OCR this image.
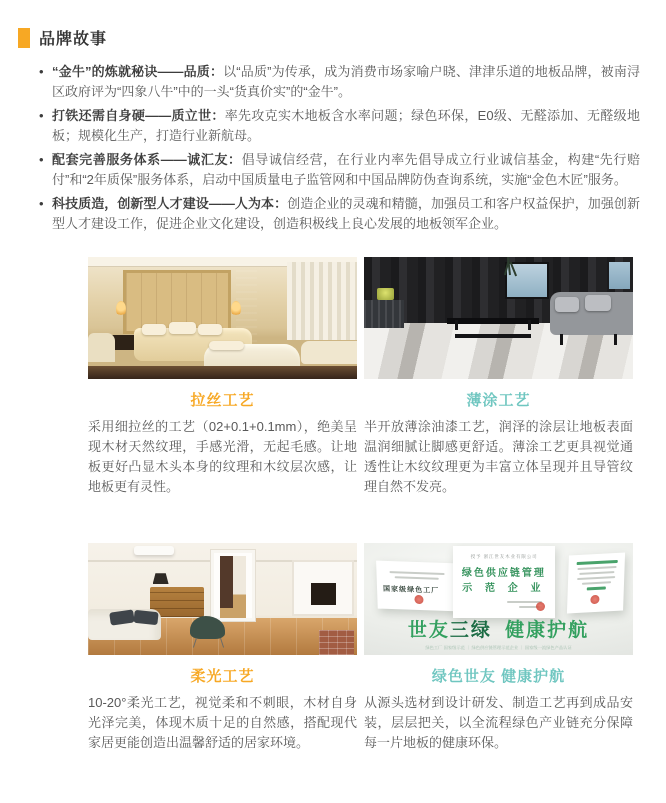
品牌故事
• “金牛”的炼就秘诀——品质：以“品质”为传承，成为消费市场家喻户晓、津津乐道的地板品牌，被南浔区政府评为“四象八牛”中的一头“货真价实”的“金牛”。
• 打铁还需自身硬——质立世：率先攻克实木地板含水率问题；绿色环保，E0级、无醛添加、无醛级地板；规模化生产，打造行业新航母。
• 配套完善服务体系——诚汇友：倡导诚信经营，在行业内率先倡导成立行业诚信基金，构建“先行赔付”和“2年质保”服务体系，启动中国质量电子监管网和中国品牌防伪查询系统，实施“金色木匠”服务。
• 科技质造，创新型人才建设——人为本：创造企业的灵魂和精髓，加强员工和客户权益保护，加强创新型人才建设工作，促进企业文化建设，创造积极线上良心发展的地板领军企业。
拉丝工艺

采用细拉丝的工艺（02+0.1+0.1mm），绝美呈现木材天然纹理，手感光滑，无起毛感。让地板更好凸显木头本身的纹理和木纹层次感，让地板更有灵性。

薄涂工艺

半开放薄涂油漆工艺，润泽的涂层让地板表面温润细腻让脚感更舒适。薄涂工艺更具视觉通透性让木纹纹理更为丰富立体呈现并且导管纹理自然不发亮。

柔光工艺

10-20°柔光工艺，视觉柔和不刺眼，木材自身光泽完美，体现木质十足的自然感，搭配现代家居更能创造出温馨舒适的居家环境。

国家级绿色工厂
授予 浙江世友木业有限公司
绿色供应链管理
示 范 企 业
世友三绿 健康护航
绿色工厂 国家级示范 ｜ 绿色供应链管理示范企业 ｜ 国家级一流绿色产品认证
绿色世友 健康护航

从源头选材到设计研发、制造工艺再到成品安装，层层把关，以全流程绿色产业链充分保障每一片地板的健康环保。
